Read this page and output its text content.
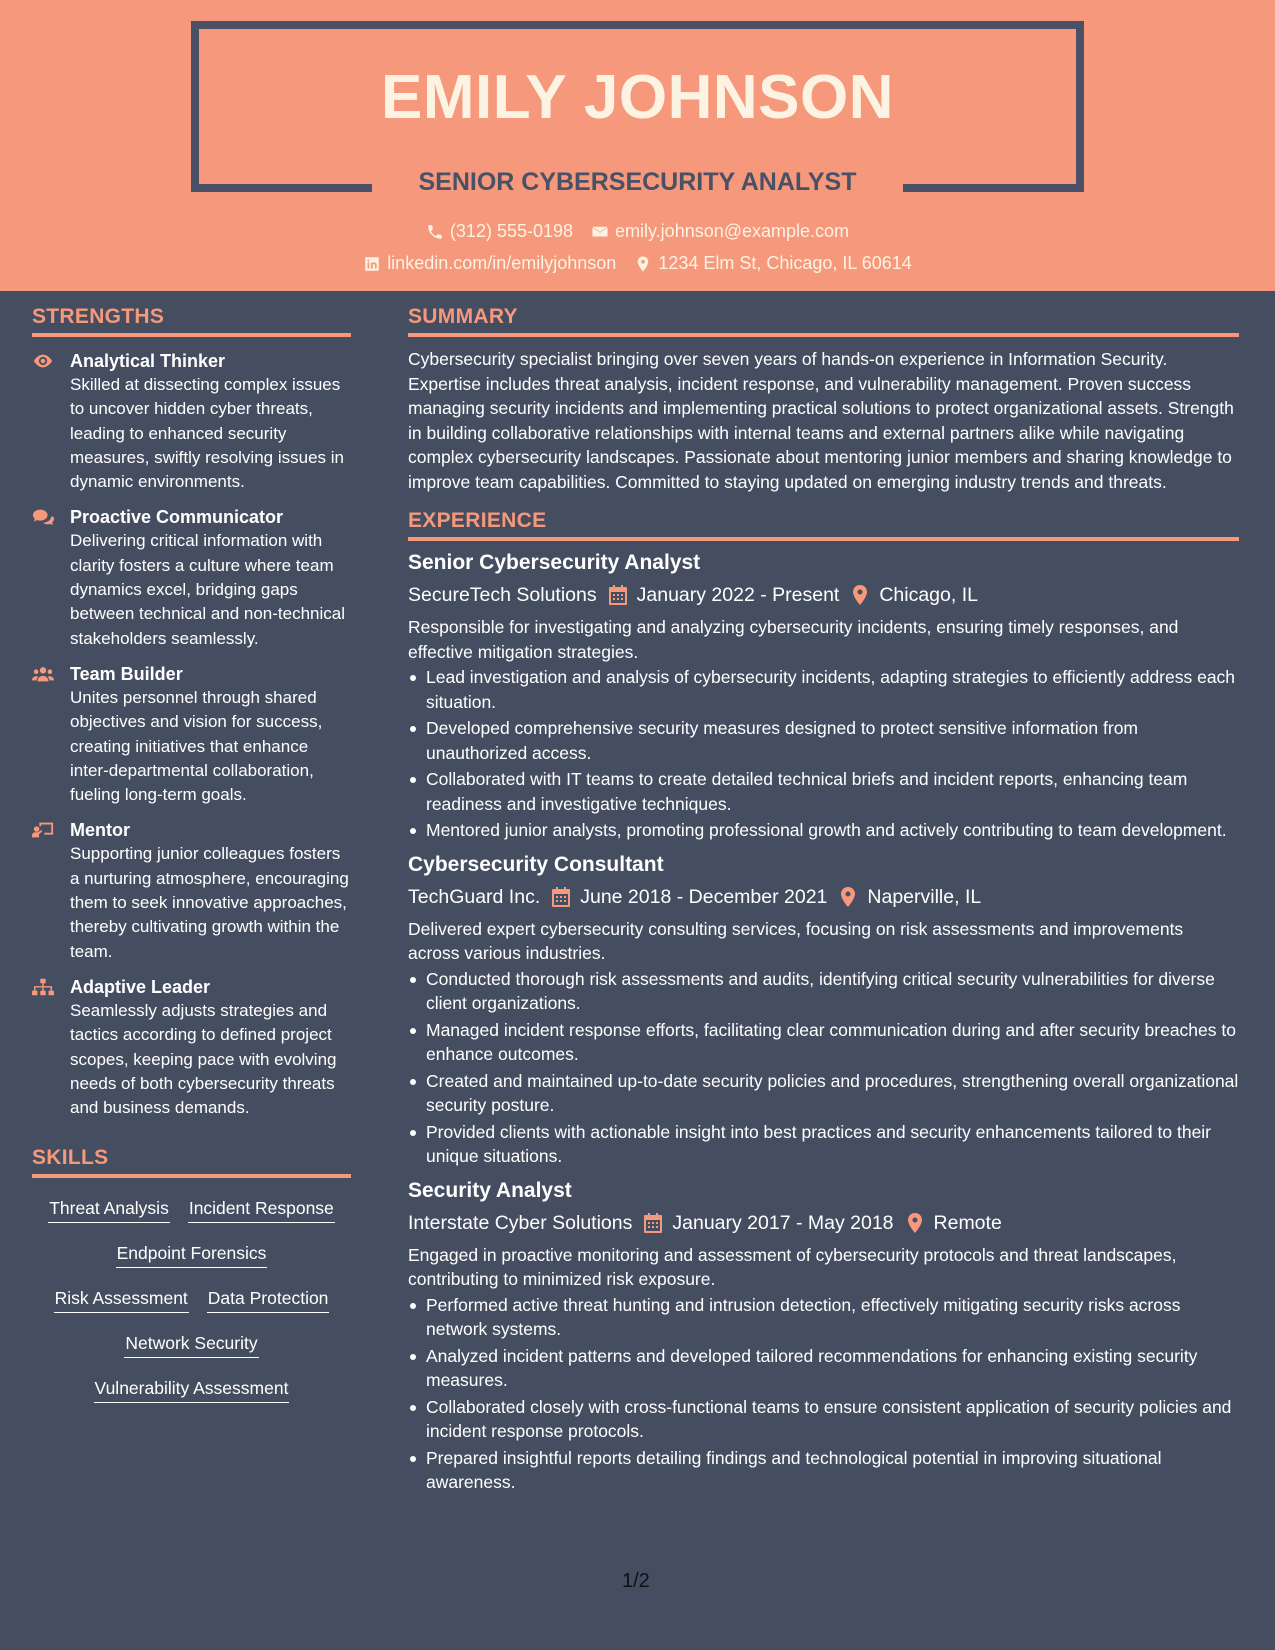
EMILY JOHNSON
SENIOR CYBERSECURITY ANALYST
(312) 555-0198 emily.johnson@example.com
linkedin.com/in/emilyjohnson 1234 Elm St, Chicago, IL 60614
STRENGTHS
Analytical Thinker
Skilled at dissecting complex issues to uncover hidden cyber threats, leading to enhanced security measures, swiftly resolving issues in dynamic environments.
Proactive Communicator
Delivering critical information with clarity fosters a culture where team dynamics excel, bridging gaps between technical and non-technical stakeholders seamlessly.
Team Builder
Unites personnel through shared objectives and vision for success, creating initiatives that enhance inter-departmental collaboration, fueling long-term goals.
Mentor
Supporting junior colleagues fosters a nurturing atmosphere, encouraging them to seek innovative approaches, thereby cultivating growth within the team.
Adaptive Leader
Seamlessly adjusts strategies and tactics according to defined project scopes, keeping pace with evolving needs of both cybersecurity threats and business demands.
SKILLS
Threat Analysis Incident Response
Endpoint Forensics
Risk Assessment Data Protection
Network Security
Vulnerability Assessment
SUMMARY
Cybersecurity specialist bringing over seven years of hands-on experience in Information Security. Expertise includes threat analysis, incident response, and vulnerability management. Proven success managing security incidents and implementing practical solutions to protect organizational assets. Strength in building collaborative relationships with internal teams and external partners alike while navigating complex cybersecurity landscapes. Passionate about mentoring junior members and sharing knowledge to improve team capabilities. Committed to staying updated on emerging industry trends and threats.
EXPERIENCE
Senior Cybersecurity Analyst
SecureTech Solutions January 2022 - Present Chicago, IL
Responsible for investigating and analyzing cybersecurity incidents, ensuring timely responses, and effective mitigation strategies.
Lead investigation and analysis of cybersecurity incidents, adapting strategies to efficiently address each situation.
Developed comprehensive security measures designed to protect sensitive information from unauthorized access.
Collaborated with IT teams to create detailed technical briefs and incident reports, enhancing team readiness and investigative techniques.
Mentored junior analysts, promoting professional growth and actively contributing to team development.
Cybersecurity Consultant
TechGuard Inc. June 2018 - December 2021 Naperville, IL
Delivered expert cybersecurity consulting services, focusing on risk assessments and improvements across various industries.
Conducted thorough risk assessments and audits, identifying critical security vulnerabilities for diverse client organizations.
Managed incident response efforts, facilitating clear communication during and after security breaches to enhance outcomes.
Created and maintained up-to-date security policies and procedures, strengthening overall organizational security posture.
Provided clients with actionable insight into best practices and security enhancements tailored to their unique situations.
Security Analyst
Interstate Cyber Solutions January 2017 - May 2018 Remote
Engaged in proactive monitoring and assessment of cybersecurity protocols and threat landscapes, contributing to minimized risk exposure.
Performed active threat hunting and intrusion detection, effectively mitigating security risks across network systems.
Analyzed incident patterns and developed tailored recommendations for enhancing existing security measures.
Collaborated closely with cross-functional teams to ensure consistent application of security policies and incident response protocols.
Prepared insightful reports detailing findings and technological potential in improving situational awareness.
1/2
